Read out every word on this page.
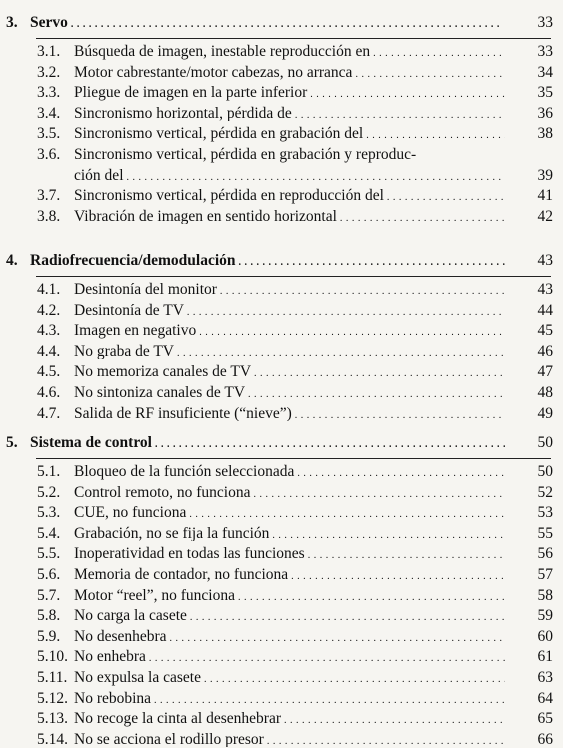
3. Servo . . .	33
3.1. Búsqueda de imagen, inestable reproducción en . . .	33
3.2. Motor cabrestante/motor cabezas, no arranca . . .	34
3.3. Pliegue de imagen en la parte inferior . . .	35
3.4. Sincronismo horizontal, pérdida de . . .	36
3.5. Sincronismo vertical, pérdida en grabación del . . .	38
3.6. Sincronismo vertical, pérdida en grabación y reproduc-
ción del . . .	39
3.7. Sincronismo vertical, pérdida en reproducción del . . .	41
3.8. Vibración de imagen en sentido horizontal . . .	42
4. Radiofrecuencia/demodulación . . .	43
4.1. Desintonía del monitor . . .	43
4.2. Desintonía de TV . . .	44
4.3. Imagen en negativo . . .	45
4.4. No graba de TV . . .	46
4.5. No memoriza canales de TV . . .	47
4.6. No sintoniza canales de TV . . .	48
4.7. Salida de RF insuficiente (“nieve”) . . .	49
5. Sistema de control . . .	50
5.1. Bloqueo de la función seleccionada . . .	50
5.2. Control remoto, no funciona . . .	52
5.3. CUE, no funciona . . .	53
5.4. Grabación, no se fija la función . . .	55
5.5. Inoperatividad en todas las funciones . . .	56
5.6. Memoria de contador, no funciona . . .	57
5.7. Motor “reel”, no funciona . . .	58
5.8. No carga la casete . . .	59
5.9. No desenhebra . . .	60
5.10. No enhebra . . .	61
5.11. No expulsa la casete . . .	63
5.12. No rebobina . . .	64
5.13. No recoge la cinta al desenhebrar . . .	65
5.14. No se acciona el rodillo presor . . .	66
